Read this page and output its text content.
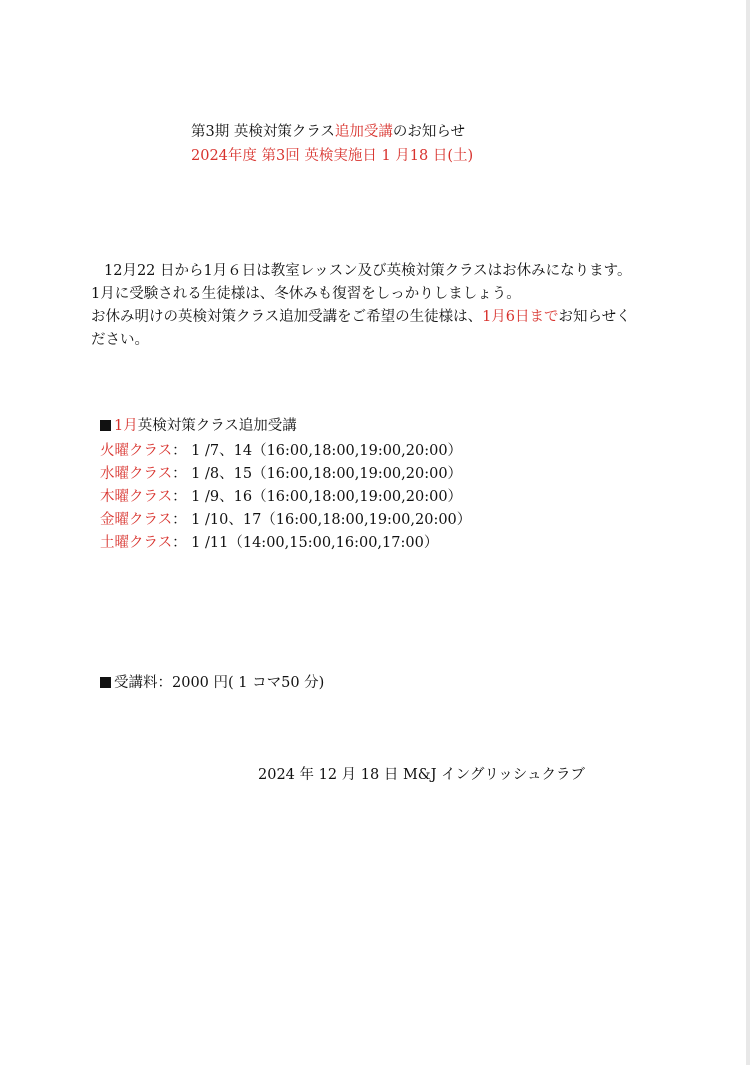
第3期 英検対策クラス追加受講のお知らせ
2024年度 第3回 英検実施日 1 月18 日(土)
12月22 日から1月６日は教室レッスン及び英検対策クラスはお休みになります。
1月に受験される生徒様は、冬休みも復習をしっかりしましょう。
お休み明けの英検対策クラス追加受講をご希望の生徒様は、1月6日までお知らせく
ださい。
1月英検対策クラス追加受講
火曜クラス： 1 /7、14（16:00,18:00,19:00,20:00）
水曜クラス： 1 /8、15（16:00,18:00,19:00,20:00）
木曜クラス： 1 /9、16（16:00,18:00,19:00,20:00）
金曜クラス： 1 /10、17（16:00,18:00,19:00,20:00）
土曜クラス： 1 /11（14:00,15:00,16:00,17:00）
受講料：2000 円( 1 コマ50 分)
2024 年 12 月 18 日 M&J イングリッシュクラブ
